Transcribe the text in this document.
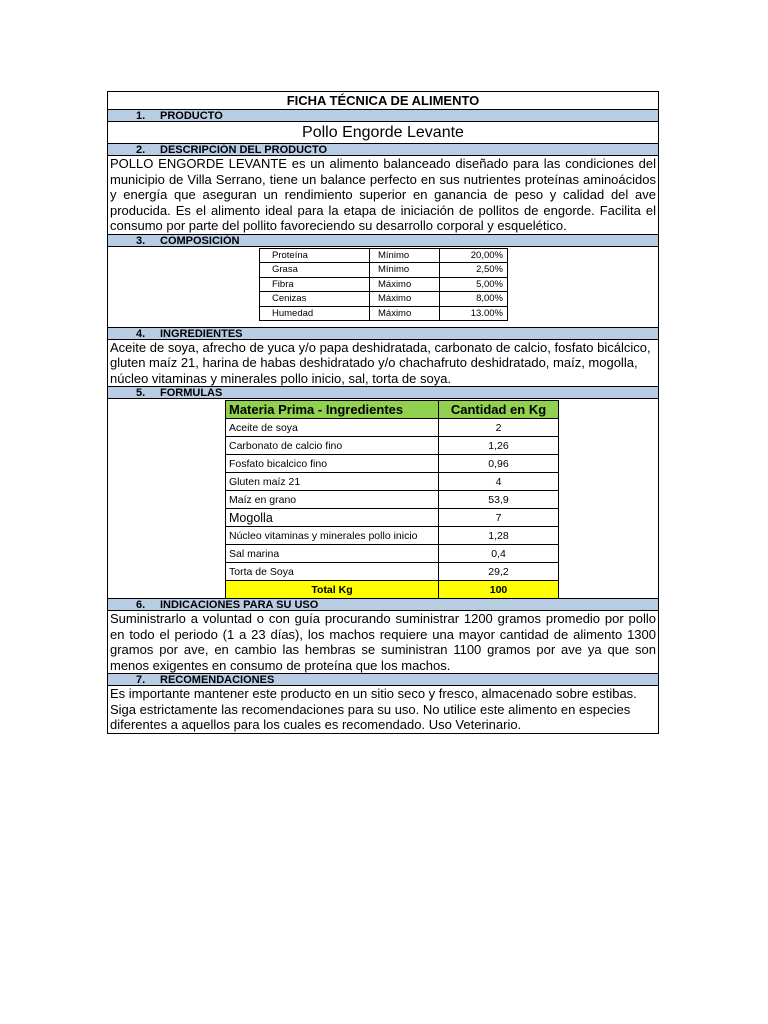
FICHA TÉCNICA DE ALIMENTO
1. PRODUCTO
Pollo Engorde Levante
2. DESCRIPCIÓN DEL PRODUCTO
POLLO ENGORDE LEVANTE es un alimento balanceado diseñado para las condiciones del municipio de Villa Serrano, tiene un balance perfecto en sus nutrientes proteínas aminoácidos y energía que aseguran un rendimiento superior en ganancia de peso y calidad del ave producida. Es el alimento ideal para la etapa de iniciación de pollitos de engorde. Facilita el consumo por parte del pollito favoreciendo su desarrollo corporal y esquelético.
3. COMPOSICIÓN
Proteína	Mínimo	20,00%
Grasa	Mínimo	2,50%
Fibra	Máximo	5,00%
Cenizas	Máximo	8,00%
Humedad	Máximo	13.00%
4. INGREDIENTES
Aceite de soya, afrecho de yuca y/o papa deshidratada, carbonato de calcio, fosfato bicálcico, gluten maíz 21, harina de habas deshidratado y/o chachafruto deshidratado, maíz, mogolla, núcleo vitaminas y minerales pollo inicio, sal, torta de soya.
5. FORMULAS
Materia Prima - Ingredientes	Cantidad en Kg
Aceite de soya	2
Carbonato de calcio fino	1,26
Fosfato bicalcico fino	0,96
Gluten maíz 21	4
Maíz en grano	53,9
Mogolla	7
Núcleo vitaminas y minerales pollo inicio	1,28
Sal marina	0,4
Torta de Soya	29,2
Total Kg	100
6. INDICACIONES PARA SU USO
Suministrarlo a voluntad o con guía procurando suministrar 1200 gramos promedio por pollo en todo el periodo (1 a 23 días), los machos requiere una mayor cantidad de alimento 1300 gramos por ave, en cambio las hembras se suministran 1100 gramos por ave ya que son menos exigentes en consumo de proteína que los machos.
7. RECOMENDACIONES
Es importante mantener este producto en un sitio seco y fresco, almacenado sobre estibas. Siga estrictamente las recomendaciones para su uso. No utilice este alimento en especies diferentes a aquellos para los cuales es recomendado. Uso Veterinario.
